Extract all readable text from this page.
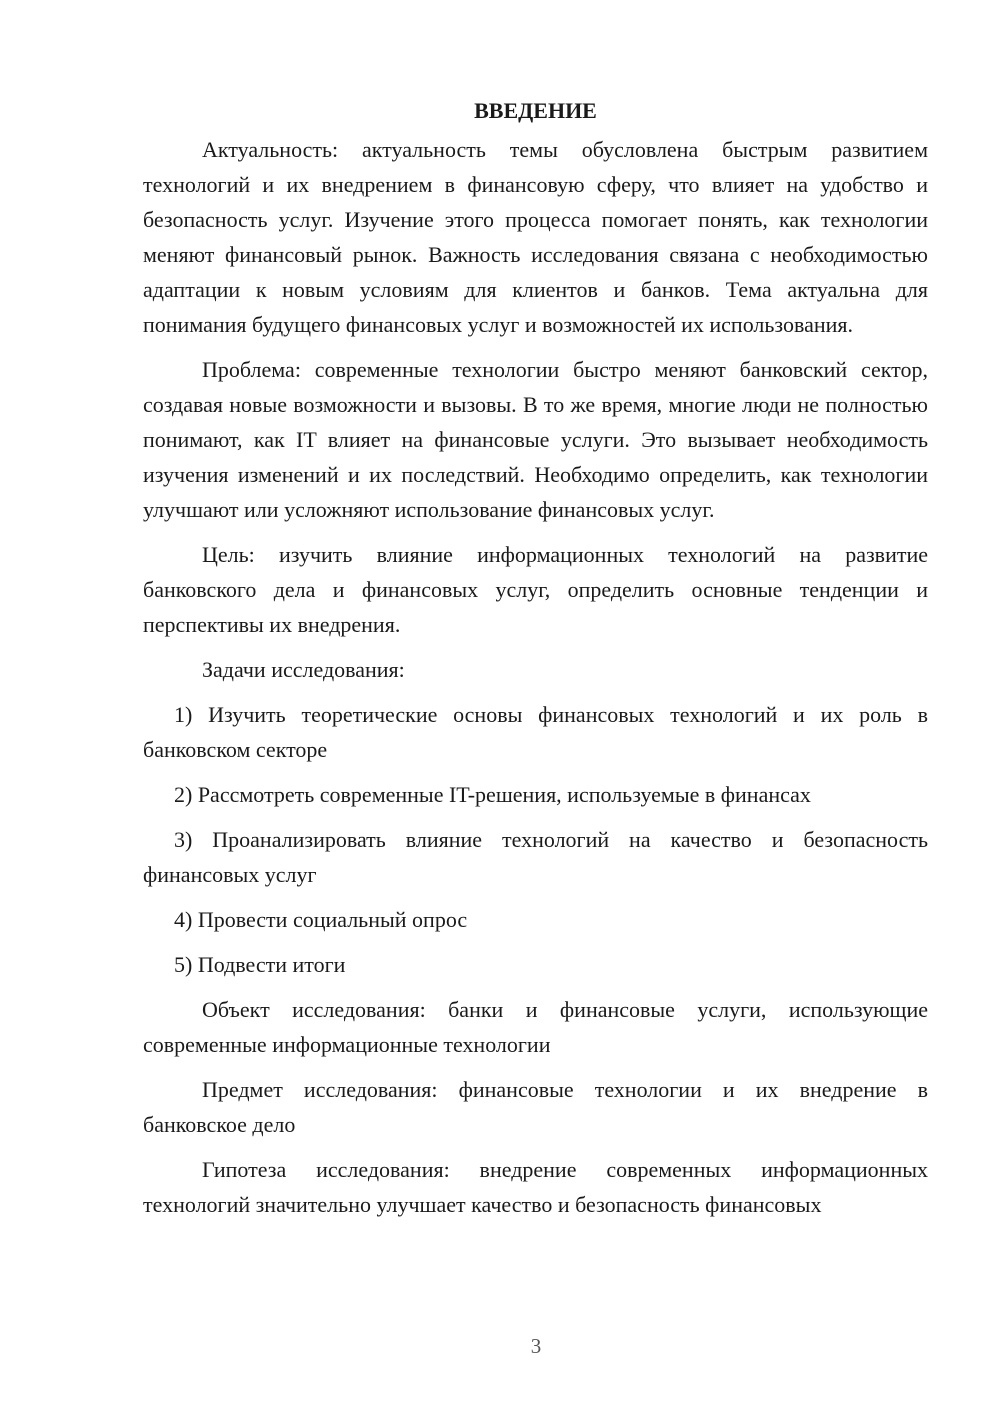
ВВЕДЕНИЕ

Актуальность: актуальность темы обусловлена быстрым развитием технологий и их внедрением в финансовую сферу, что влияет на удобство и безопасность услуг. Изучение этого процесса помогает понять, как технологии меняют финансовый рынок. Важность исследования связана с необходимостью адаптации к новым условиям для клиентов и банков. Тема актуальна для понимания будущего финансовых услуг и возможностей их использования.

Проблема: современные технологии быстро меняют банковский сектор, создавая новые возможности и вызовы. В то же время, многие люди не полностью понимают, как IT влияет на финансовые услуги. Это вызывает необходимость изучения изменений и их последствий. Необходимо определить, как технологии улучшают или усложняют использование финансовых услуг.

Цель: изучить влияние информационных технологий на развитие банковского дела и финансовых услуг, определить основные тенденции и перспективы их внедрения.

Задачи исследования:

1) Изучить теоретические основы финансовых технологий и их роль в банковском секторе

2) Рассмотреть современные IT-решения, используемые в финансах

3) Проанализировать влияние технологий на качество и безопасность финансовых услуг

4) Провести социальный опрос

5) Подвести итоги

Объект исследования: банки и финансовые услуги, использующие современные информационные технологии

Предмет исследования: финансовые технологии и их внедрение в банковское дело

Гипотеза исследования: внедрение современных информационных технологий значительно улучшает качество и безопасность финансовых

3
